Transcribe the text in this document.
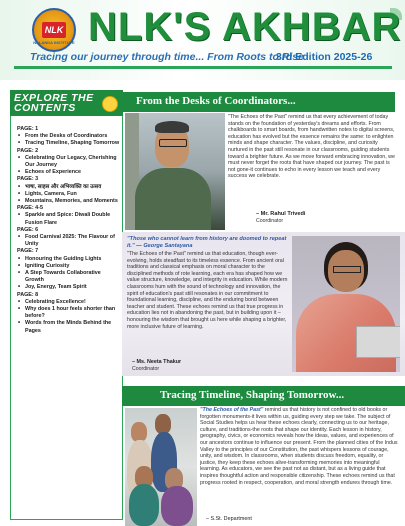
NLK
NALANDA INSTITUTE NLK'S AKHBAR
Tracing our journey through time... From Roots to Rise
3rd Edition 2025-26
EXPLORE THE
CONTENTS
PAGE: 1
• From the Desks of Coordinators
• Tracing Timeline, Shaping Tomorrow
PAGE: 2
• Celebrating Our Legacy, Cherishing Our Journey
• Echoes of Experience
PAGE: 3
• भाषा, साहस और अभिव्यक्ति का उत्सव
• Lights, Camera, Fun
• Mountains, Memories, and Moments
PAGE: 4-5
• Sparkle and Spice: Diwali Double Fusion Flare
PAGE: 6
• Food Carnival 2025: The Flavour of Unity
PAGE: 7
• Honouring the Guiding Lights
• Igniting Curiosity
• A Step Towards Collaborative Growth
• Joy, Energy, Team Spirit
PAGE: 8
• Celebrating Excellence!
• Why does 1 hour feels shorter than before?
• Words from the Minds Behind the Pages
From the Desks of Coordinators...
"The Echoes of the Past" remind us that every achievement of today stands on the foundation of yesterday's dreams and efforts. From chalkboards to smart boards, from handwritten notes to digital screens, education has evolved but the essence remains the same: to enlighten minds and shape character. The values, discipline, and curiosity nurtured in the past still resonate in our classrooms, guiding students toward a brighter future. As we move forward embracing innovation, we must never forget the roots that have shaped our journey. The past is not gone-it continues to echo in every lesson we teach and every success we celebrate.
– Mr. Rahul Trivedi
Coordinator
"Those who cannot learn from history are doomed to repeat it." — George Santayana
"The Echoes of the Past" remind us that education, though ever-evolving, holds steadfast to its timeless essence. From ancient oral traditions and classical emphasis on moral character to the disciplined methods of rote learning, each era has shaped how we value structure, knowledge, and integrity in education. While modern classrooms hum with the sound of technology and innovation, the spirit of education's past still resonates in our commitment to foundational learning, discipline, and the enduring bond between teacher and student. These echoes remind us that true progress in education lies not in abandoning the past, but in building upon it – honouring the wisdom that brought us here while shaping a brighter, more inclusive future of learning.
– Ms. Neeta Thakur
Coordinator
Tracing Timeline, Shaping Tomorrow...
"The Echoes of the Past" remind us that history is not confined to old books or forgotten monuments-it lives within us, guiding every step we take. The subject of Social Studies helps us hear these echoes clearly, connecting us to our heritage, culture, and traditions-the roots that shape our identity. Each lesson in history, geography, civics, or economics reveals how the ideas, values, and experiences of our ancestors continue to influence our present. From the planned cities of the Indus Valley to the principles of our Constitution, the past whispers lessons of courage, unity, and wisdom. In classrooms, when students discuss freedom, equality, or justice, they keep these echoes alive-transforming memories into meaningful learning. As educators, we see the past not as distant, but as a living guide that inspires thoughtful action and responsible citizenship. These echoes remind us that progress rooted in respect, cooperation, and moral strength endures through time.
– S.St. Department
